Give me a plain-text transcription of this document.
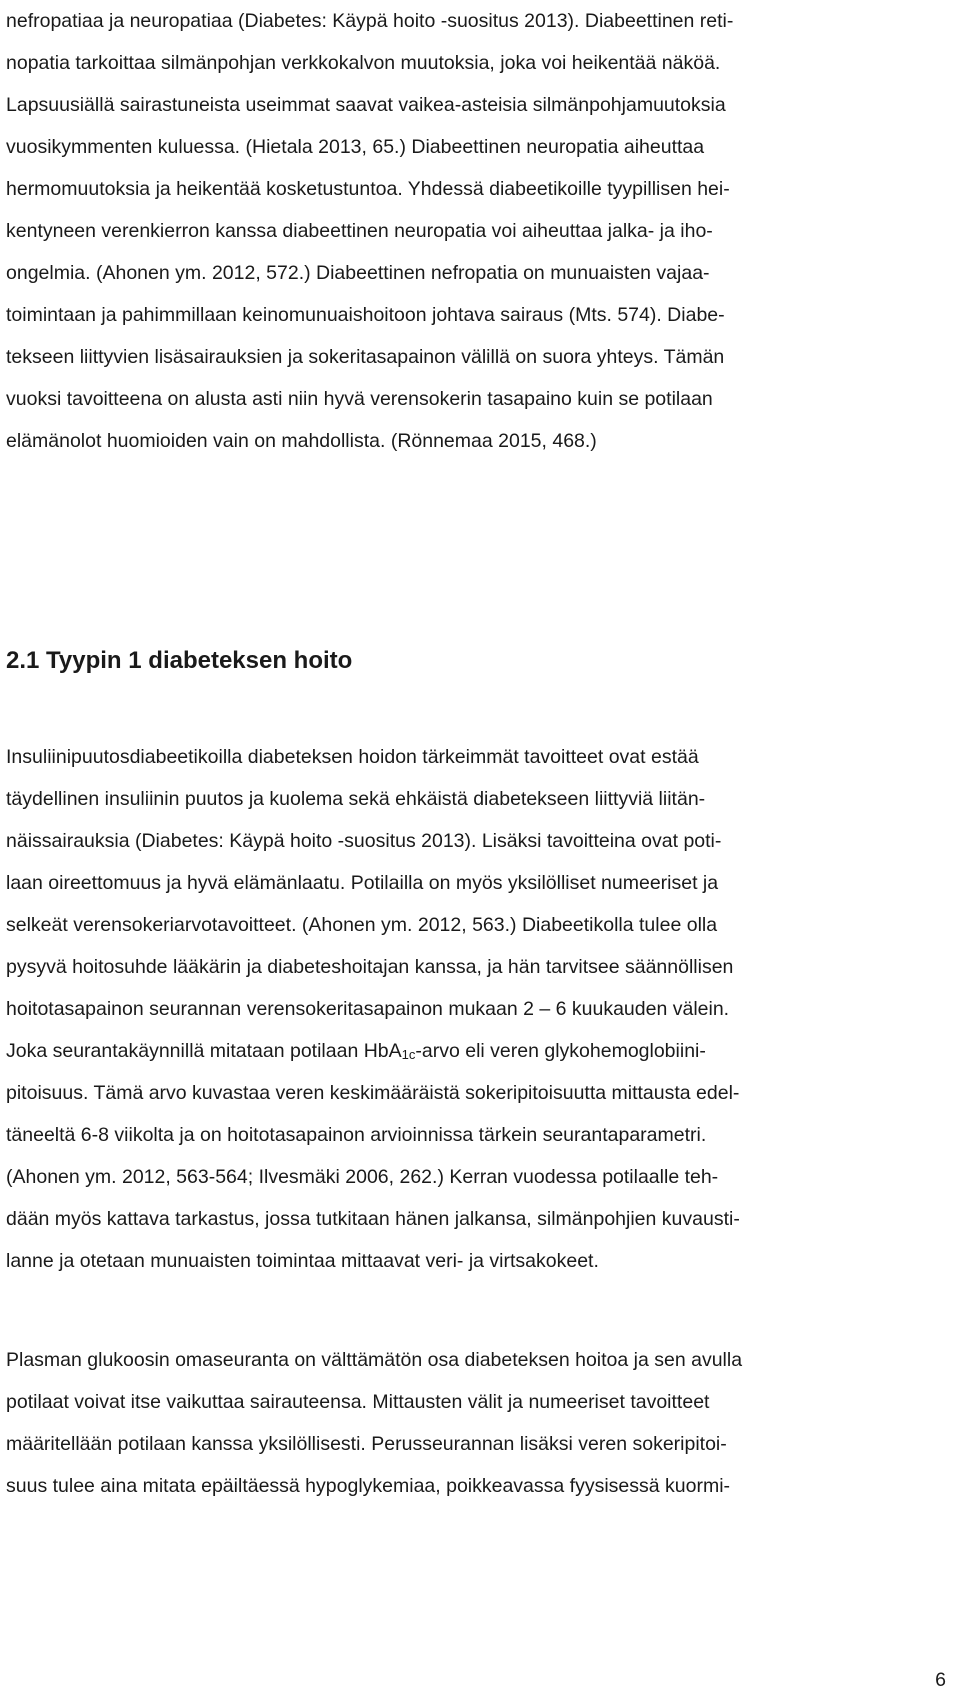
nefropatiaa ja neuropatiaa (Diabetes: Käypä hoito -suositus 2013). Diabeettinen reti-
nopatia tarkoittaa silmänpohjan verkkokalvon muutoksia, joka voi heikentää näköä.
Lapsuusiällä sairastuneista useimmat saavat vaikea-asteisia silmänpohjamuutoksia
vuosikymmenten kuluessa. (Hietala 2013, 65.) Diabeettinen neuropatia aiheuttaa
hermomuutoksia ja heikentää kosketustuntoa. Yhdessä diabeetikoille tyypillisen hei-
kentyneen verenkierron kanssa diabeettinen neuropatia voi aiheuttaa jalka- ja iho-
ongelmia. (Ahonen ym. 2012, 572.) Diabeettinen nefropatia on munuaisten vajaa-
toimintaan ja pahimmillaan keinomunuaishoitoon johtava sairaus (Mts. 574). Diabe-
tekseen liittyvien lisäsairauksien ja sokeritasapainon välillä on suora yhteys. Tämän
vuoksi tavoitteena on alusta asti niin hyvä verensokerin tasapaino kuin se potilaan
elämänolot huomioiden vain on mahdollista. (Rönnemaa 2015, 468.)
2.1 Tyypin 1 diabeteksen hoito
Insuliinipuutosdiabeetikoilla diabeteksen hoidon tärkeimmät tavoitteet ovat estää
täydellinen insuliinin puutos ja kuolema sekä ehkäistä diabetekseen liittyviä liitän-
näissairauksia (Diabetes: Käypä hoito -suositus 2013). Lisäksi tavoitteina ovat poti-
laan oireettomuus ja hyvä elämänlaatu. Potilailla on myös yksilölliset numeeriset ja
selkeät verensokeriarvotavoitteet. (Ahonen ym. 2012, 563.) Diabeetikolla tulee olla
pysyvä hoitosuhde lääkärin ja diabeteshoitajan kanssa, ja hän tarvitsee säännöllisen
hoitotasapainon seurannan verensokeritasapainon mukaan 2 – 6 kuukauden välein.
Joka seurantakäynnillä mitataan potilaan HbA$_{1c}$-arvo eli veren glykohemoglobiini-
pitoisuus. Tämä arvo kuvastaa veren keskimääräistä sokeripitoisuutta mittausta edel-
täneeltä 6-8 viikolta ja on hoitotasapainon arvioinnissa tärkein seurantaparametri.
(Ahonen ym. 2012, 563-564; Ilvesmäki 2006, 262.) Kerran vuodessa potilaalle teh-
dään myös kattava tarkastus, jossa tutkitaan hänen jalkansa, silmänpohjien kuvausti-
lanne ja otetaan munuaisten toimintaa mittaavat veri- ja virtsakokeet.
Plasman glukoosin omaseuranta on välttämätön osa diabeteksen hoitoa ja sen avulla
potilaat voivat itse vaikuttaa sairauteensa. Mittausten välit ja numeeriset tavoitteet
määritellään potilaan kanssa yksilöllisesti. Perusseurannan lisäksi veren sokeripitoi-
suus tulee aina mitata epäiltäessä hypoglykemiaa, poikkeavassa fyysisessä kuormi-
6
